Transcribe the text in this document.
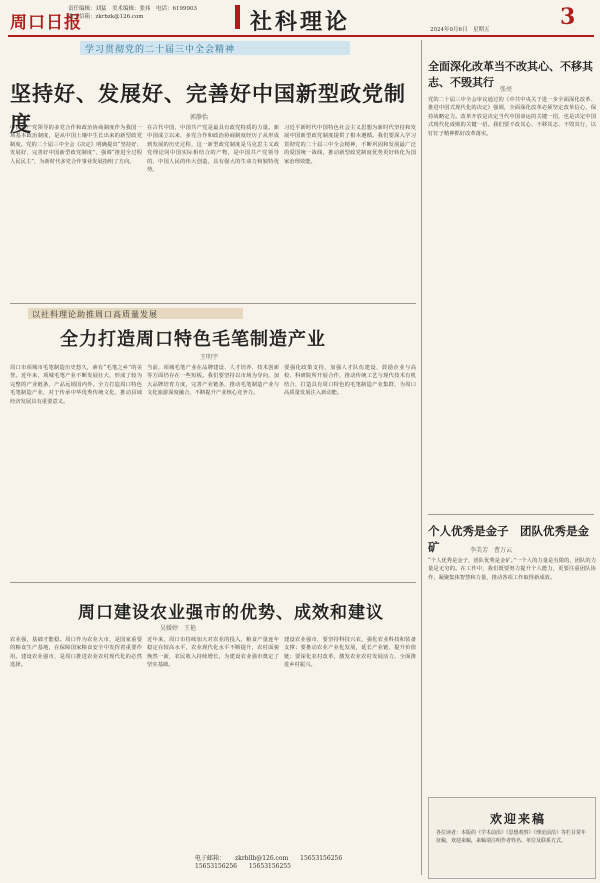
周口日报
责任编辑：刘猛　美术编辑：张祎　电话：6199903
电子信箱：zkrbzk@126.com	社科理论	2024年9月6日　星期五	3
学习贯彻党的二十届三中全会精神
坚持好、发展好、完善好中国新型政党制度	郭静怡
中国共产党领导的多党合作和政治协商制度作为我国一项基本政治制度，是从中国土壤中生长出来的新型政党制度。党的二十届三中全会《决定》明确提出“坚持好、发展好、完善好中国新型政党制度”，强调“推进全过程人民民主”，为新时代多党合作事业发展指明了方向。
在古代中国，中国共产党是最具有政党特质的力量。新中国成立以来，多党合作和政治协商制度经历了从形成到发展的历史过程，这一新型政党制度是马克思主义政党理论同中国实际相结合的产物，是中国共产党领导的、中国人民的伟大创造，具有强大的生命力和独特优势。
习近平新时代中国特色社会主义思想为新时代坚持和发展中国新型政党制度提供了根本遵循。我们要深入学习贯彻党的二十届三中全会精神，不断巩固和发展最广泛的爱国统一战线，推动新型政党制度优势更好转化为国家治理效能。
以社科理论助推周口高质量发展
全力打造周口特色毛笔制造产业
王明宇
周口市项城市毛笔制造历史悠久，素有“毛笔之乡”的美誉。近年来，项城毛笔产业不断发展壮大，形成了较为完整的产业链条，产品远销国内外。全力打造周口特色毛笔制造产业，对于传承中华优秀传统文化、推动县域经济发展具有重要意义。
当前，项城毛笔产业在品牌建设、人才培养、技术创新等方面仍存在一些短板。我们要坚持以市场为导向，加大品牌培育力度，完善产业链条，推动毛笔制造产业与文化旅游深度融合，不断提升产业核心竞争力。
要强化政策支持，加强人才队伍建设，鼓励企业与高校、科研院所开展合作，推动传统工艺与现代技术有机结合，打造具有周口特色的毛笔制造产业集群，为周口高质量发展注入新动能。
周口建设农业强市的优势、成效和建议
吴媛婷　王艳
农业强，基础才能稳。周口作为农业大市，是国家重要的粮食生产基地，在保障国家粮食安全中发挥着重要作用。建设农业强市，是周口推进农业农村现代化的必然选择。
近年来，周口市持续加大对农业的投入，粮食产量连年稳定在较高水平，农业现代化水平不断提升，农村面貌焕然一新，农民收入持续增长，为建设农业强市奠定了坚实基础。
建设农业强市，要坚持科技兴农，强化农业科技和装备支撑；要推动农业产业化发展，延长产业链、提升价值链；要深化农村改革，激发农业农村发展活力，全面推进乡村振兴。
全面深化改革当不改其心、不移其志、不毁其行
张亮
党的二十届三中全会审议通过的《中共中央关于进一步全面深化改革、推进中国式现代化的决定》强调，全面深化改革必须坚定改革信心，保持战略定力。改革开放是决定当代中国命运的关键一招，也是决定中国式现代化成败的关键一招。我们要不改其心、不移其志、不毁其行，以钉钉子精神抓好改革落实。
个人优秀是金子　团队优秀是金矿	李美芳　曹万云
“个人优秀是金子，团队优秀是金矿。”一个人的力量是有限的，团队的力量是无穷的。在工作中，我们既要努力提升个人能力，更要注重团队协作，凝聚集体智慧和力量，推动各项工作取得新成效。
欢迎来稿
各位读者：本版的《学术前沿》《思想观察》《理论前沿》等栏目常年征稿，欢迎来稿，来稿请注明作者姓名、单位及联系方式。
电子邮箱： zkrbllb@126.com 15653156256
15653156256 15653156255
